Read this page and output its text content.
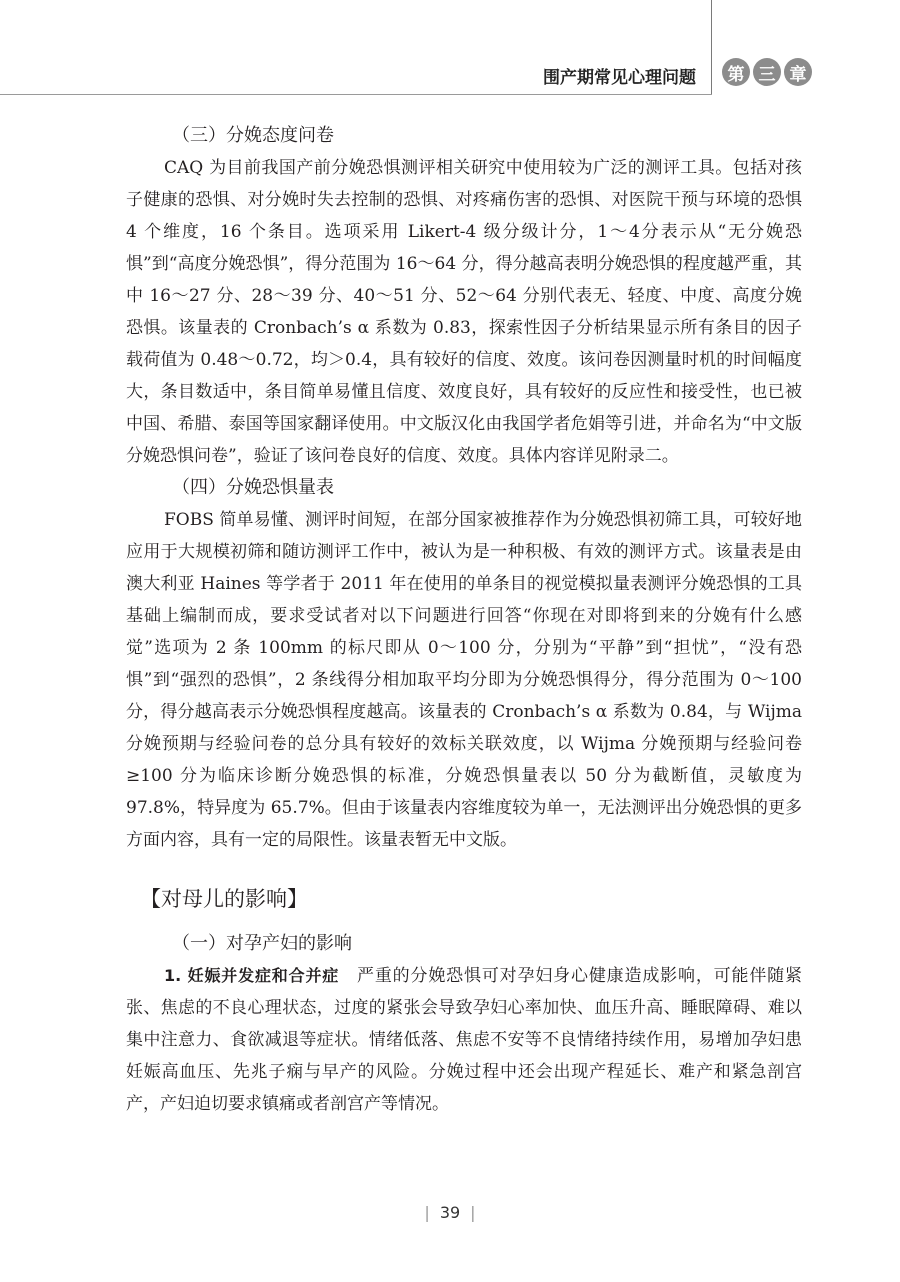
围产期常见心理问题	第 三 章

（三）分娩态度问卷

CAQ 为目前我国产前分娩恐惧测评相关研究中使用较为广泛的测评工具。包括对孩子健康的恐惧、对分娩时失去控制的恐惧、对疼痛伤害的恐惧、对医院干预与环境的恐惧 4 个维度，16 个条目。选项采用 Likert-4 级分级计分，1～4分表示从“无分娩恐惧”到“高度分娩恐惧”，得分范围为 16～64 分，得分越高表明分娩恐惧的程度越严重，其中 16～27 分、28～39 分、40～51 分、52～64 分别代表无、轻度、中度、高度分娩恐惧。该量表的 Cronbach’s α 系数为 0.83，探索性因子分析结果显示所有条目的因子载荷值为 0.48～0.72，均＞0.4，具有较好的信度、效度。该问卷因测量时机的时间幅度大，条目数适中，条目简单易懂且信度、效度良好，具有较好的反应性和接受性，也已被中国、希腊、泰国等国家翻译使用。中文版汉化由我国学者危娟等引进，并命名为“中文版分娩恐惧问卷”，验证了该问卷良好的信度、效度。具体内容详见附录二。

（四）分娩恐惧量表

FOBS 简单易懂、测评时间短，在部分国家被推荐作为分娩恐惧初筛工具，可较好地应用于大规模初筛和随访测评工作中，被认为是一种积极、有效的测评方式。该量表是由澳大利亚 Haines 等学者于 2011 年在使用的单条目的视觉模拟量表测评分娩恐惧的工具基础上编制而成，要求受试者对以下问题进行回答“你现在对即将到来的分娩有什么感觉”选项为 2 条 100mm 的标尺即从 0～100 分，分别为“平静”到“担忧”，“没有恐惧”到“强烈的恐惧”，2 条线得分相加取平均分即为分娩恐惧得分，得分范围为 0～100 分，得分越高表示分娩恐惧程度越高。该量表的 Cronbach’s α 系数为 0.84，与 Wijma 分娩预期与经验问卷的总分具有较好的效标关联效度，以 Wijma 分娩预期与经验问卷≥100 分为临床诊断分娩恐惧的标准，分娩恐惧量表以 50 分为截断值，灵敏度为 97.8%，特异度为 65.7%。但由于该量表内容维度较为单一，无法测评出分娩恐惧的更多方面内容，具有一定的局限性。该量表暂无中文版。

【对母儿的影响】

（一）对孕产妇的影响

1. 妊娠并发症和合并症　 严重的分娩恐惧可对孕妇身心健康造成影响，可能伴随紧张、焦虑的不良心理状态，过度的紧张会导致孕妇心率加快、血压升高、睡眠障碍、难以集中注意力、食欲减退等症状。情绪低落、焦虑不安等不良情绪持续作用，易增加孕妇患妊娠高血压、先兆子痫与早产的风险。分娩过程中还会出现产程延长、难产和紧急剖宫产，产妇迫切要求镇痛或者剖宫产等情况。

| 39 |
